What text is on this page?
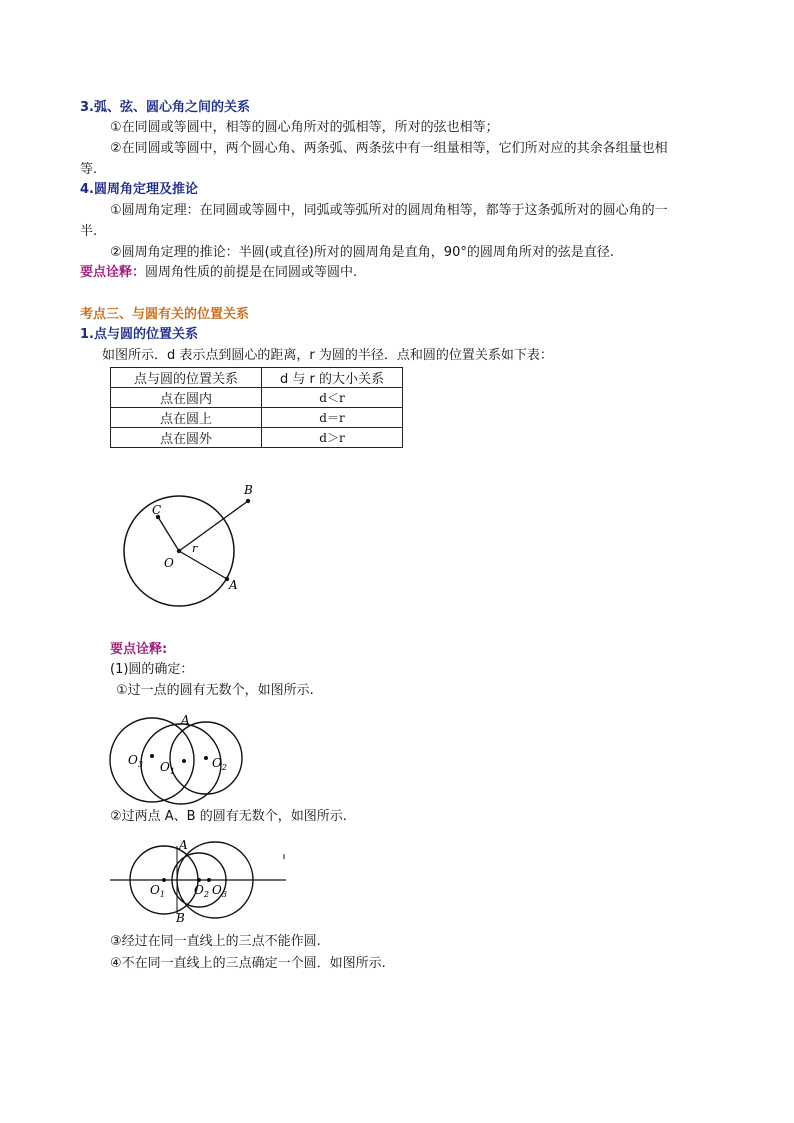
3.弧、弦、圆心角之间的关系
①在同圆或等圆中，相等的圆心角所对的弧相等，所对的弦也相等；
②在同圆或等圆中，两个圆心角、两条弧、两条弦中有一组量相等，它们所对应的其余各组量也相
等.
4.圆周角定理及推论
①圆周角定理：在同圆或等圆中，同弧或等弧所对的圆周角相等，都等于这条弧所对的圆心角的一
半.
②圆周角定理的推论：半圆(或直径)所对的圆周角是直角，90°的圆周角所对的弦是直径.
要点诠释：圆周角性质的前提是在同圆或等圆中.
考点三、与圆有关的位置关系
1.点与圆的位置关系
如图所示．d 表示点到圆心的距离，r 为圆的半径．点和圆的位置关系如下表：
点与圆的位置关系	d 与 r 的大小关系
点在圆内	d＜r
点在圆上	d＝r
点在圆外	d＞r
B
C
r
O
A
要点诠释:
(1)圆的确定：
①过一点的圆有无数个，如图所示.
A
$O_3$ $O_1$
$O_2$
②过两点 A、B 的圆有无数个，如图所示.
A
B
$O_1$ $O_2$ $O_3$
③经过在同一直线上的三点不能作圆.
④不在同一直线上的三点确定一个圆．如图所示.
